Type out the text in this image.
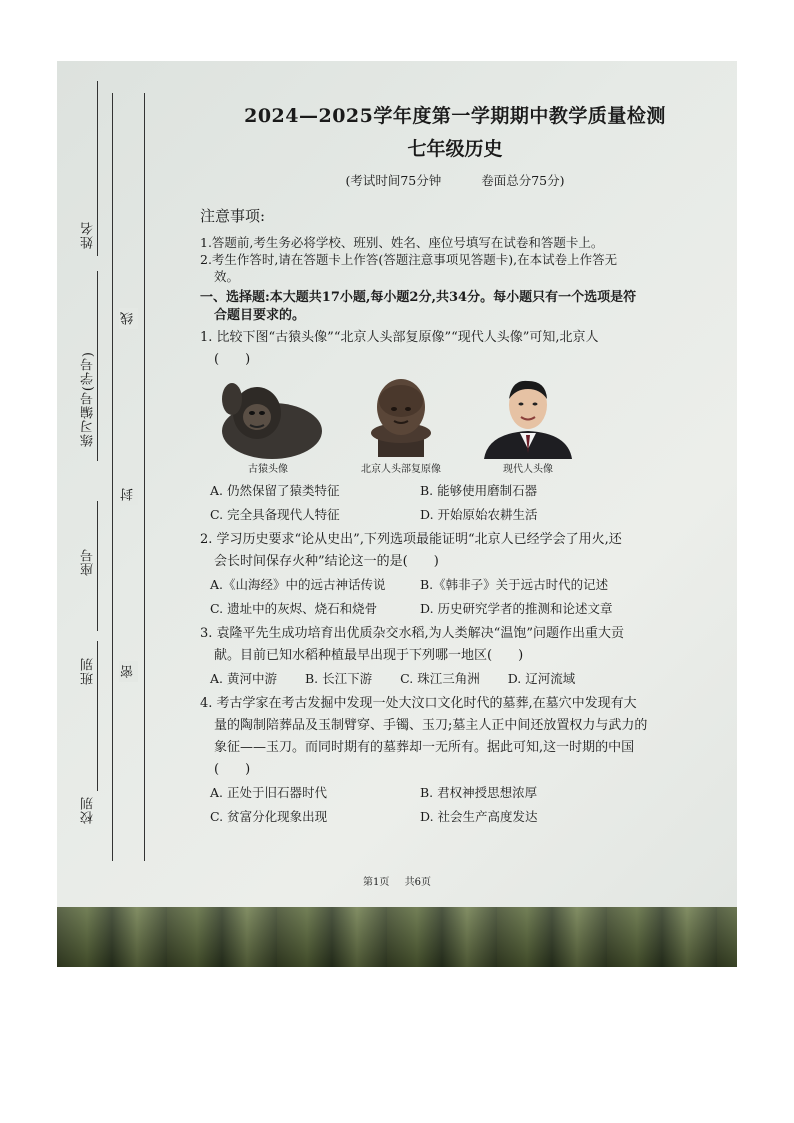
姓名
练习编号(学号)
座号
班别
校别
线
封
密

2024—2025学年度第一学期期中教学质量检测

七年级历史

(考试时间75分钟	卷面总分75分)
注意事项:

1.答题前,考生务必将学校、班别、姓名、座位号填写在试卷和答题卡上。

2.考生作答时,请在答题卡上作答(答题注意事项见答题卡),在本试卷上作答无

效。

一、选择题:本大题共17小题,每小题2分,共34分。每小题只有一个选项是符
合题目要求的。
1. 比较下图“古猿头像”“北京人头部复原像”“现代人头像”可知,北京人
(　　)
古猿头像	北京人头部复原像	现代人头像
A. 仍然保留了猿类特征	B. 能够使用磨制石器
C. 完全具备现代人特征	D. 开始原始农耕生活
2. 学习历史要求“论从史出”,下列选项最能证明“北京人已经学会了用火,还
会长时间保存火种”结论这一的是(　　)
A.《山海经》中的远古神话传说	B.《韩非子》关于远古时代的记述
C. 遗址中的灰烬、烧石和烧骨	D. 历史研究学者的推测和论述文章
3. 袁隆平先生成功培育出优质杂交水稻,为人类解决“温饱”问题作出重大贡
献。目前已知水稻种植最早出现于下列哪一地区(　　)
A. 黄河中游 B. 长江下游 C. 珠江三角洲 D. 辽河流域
4. 考古学家在考古发掘中发现一处大汶口文化时代的墓葬,在墓穴中发现有大
量的陶制陪葬品及玉制臂穿、手镯、玉刀;墓主人正中间还放置权力与武力的
象征——玉刀。而同时期有的墓葬却一无所有。据此可知,这一时期的中国
(　　)
A. 正处于旧石器时代	B. 君权神授思想浓厚
C. 贫富分化现象出现	D. 社会生产高度发达
第1页 共6页
